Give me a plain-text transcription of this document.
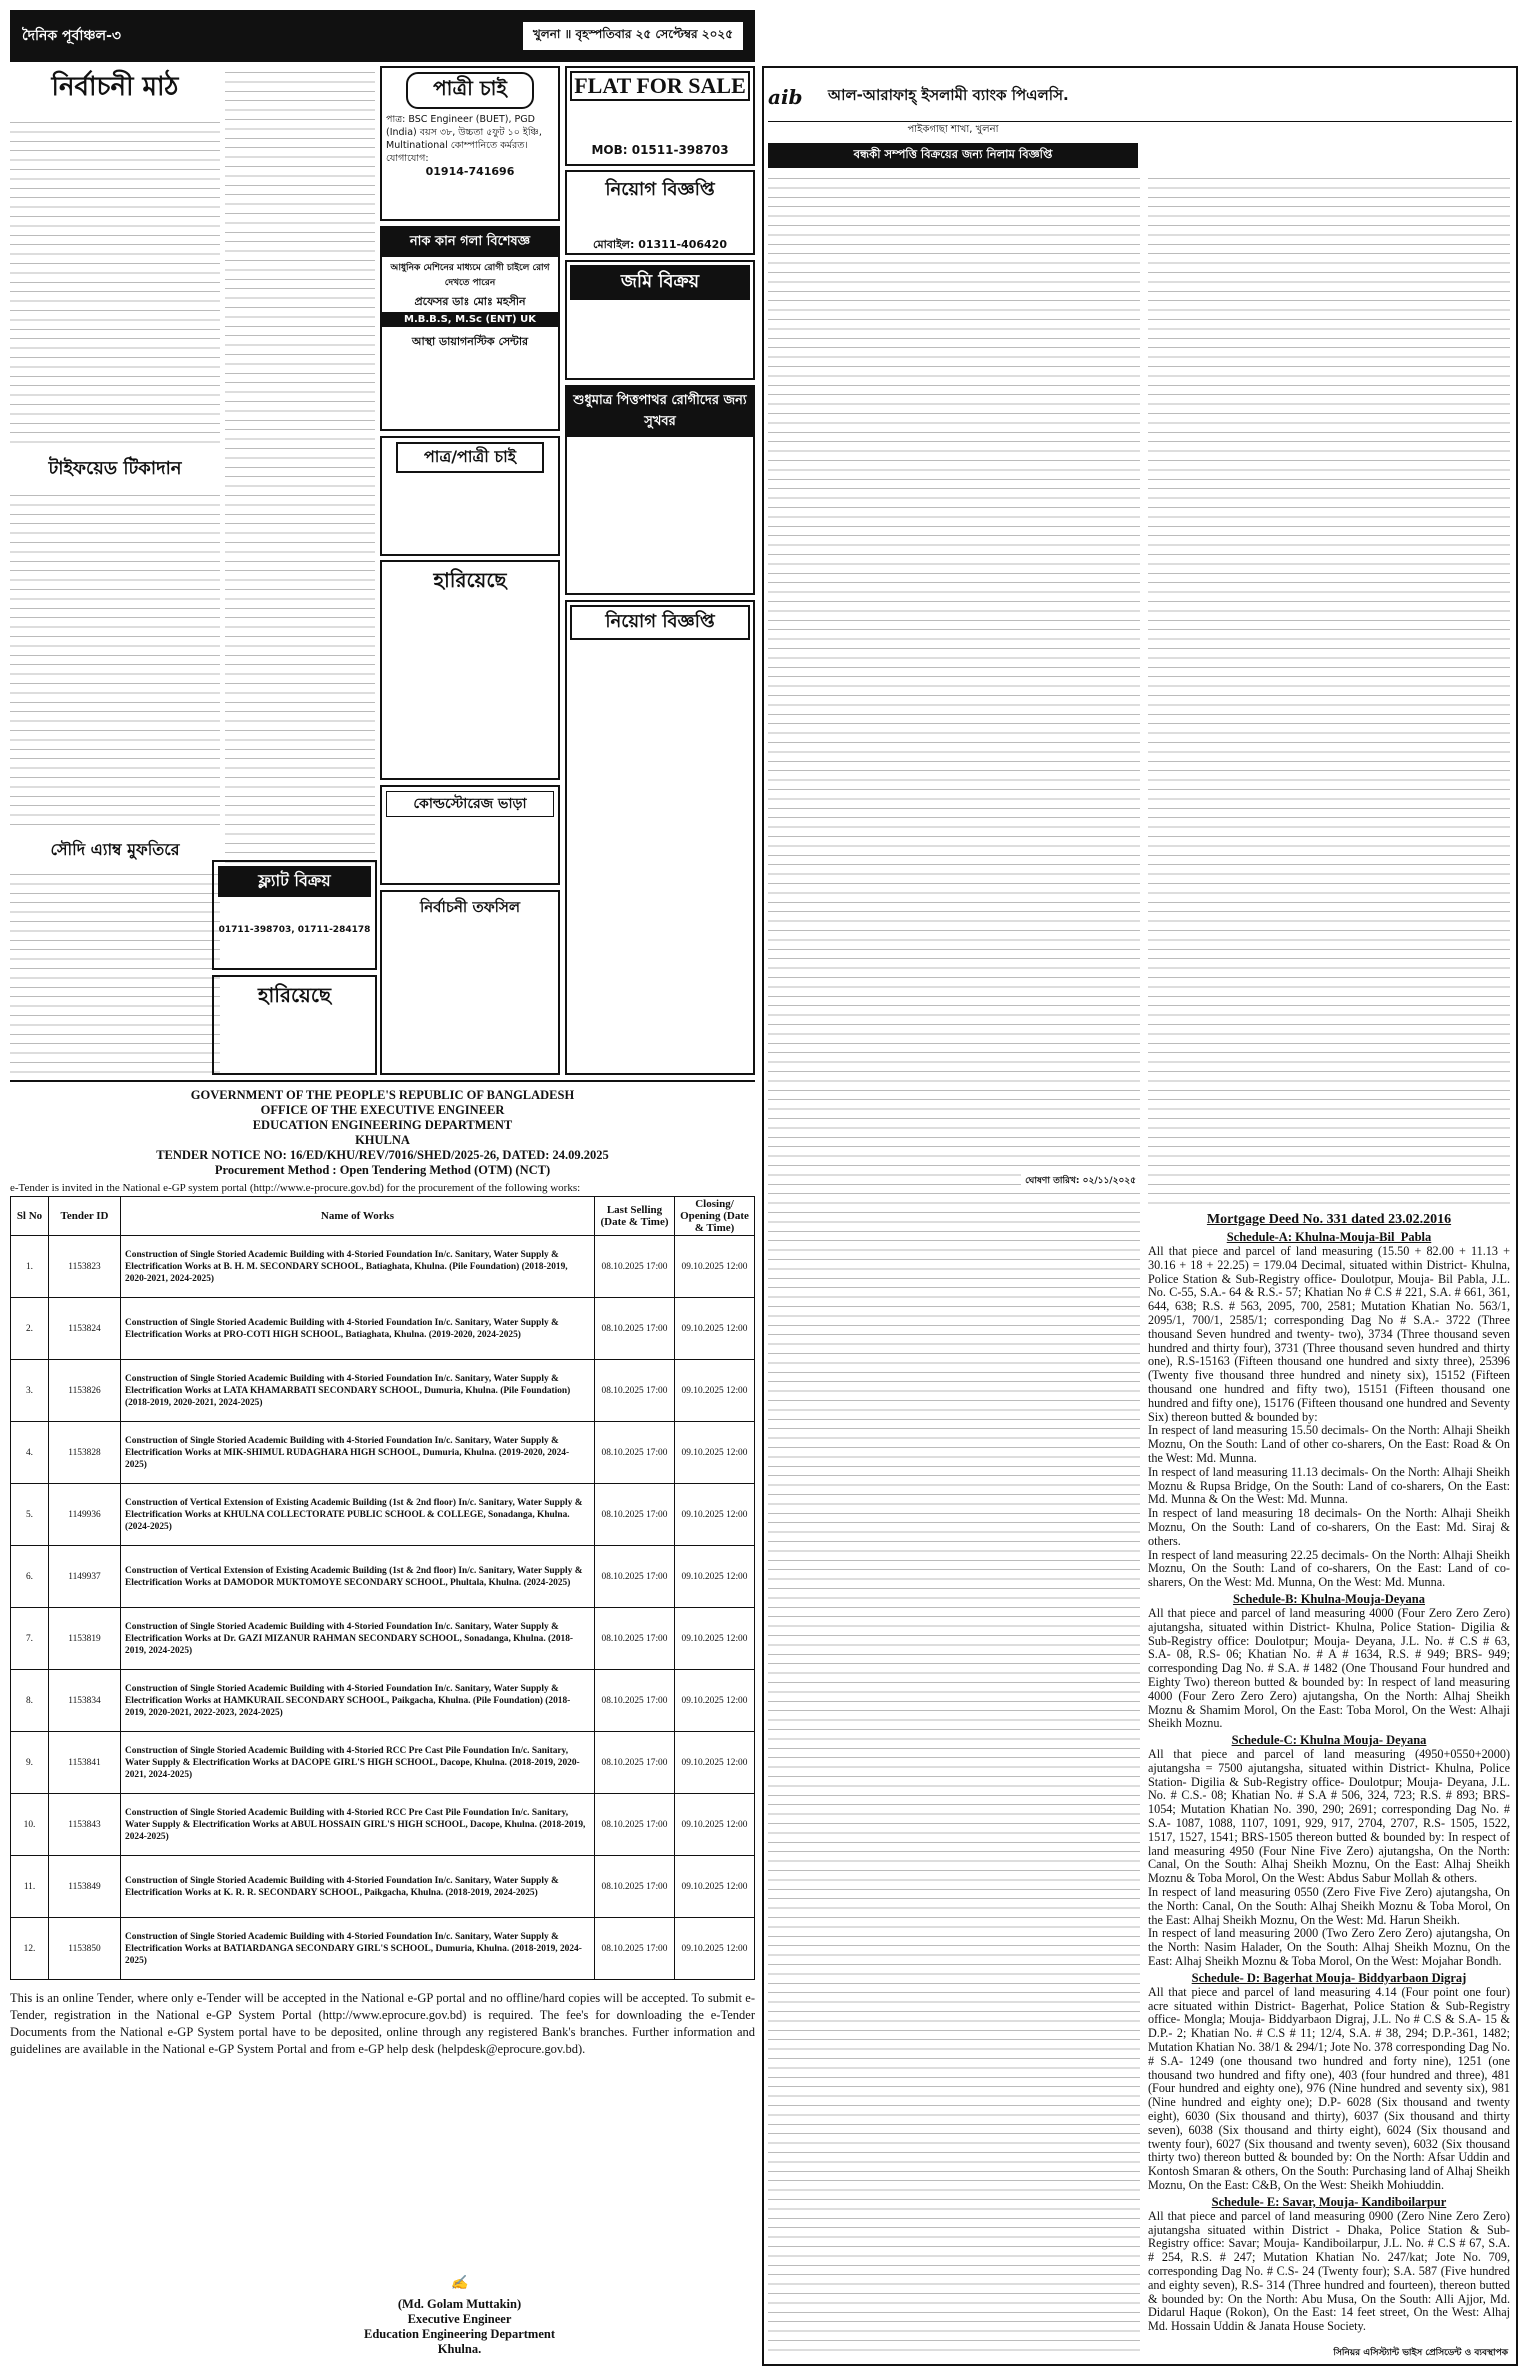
দৈনিক পূর্বাঞ্চল-৩	খুলনা ॥ বৃহস্পতিবার ২৫ সেপ্টেম্বর ২০২৫
নির্বাচনী মাঠ
টাইফয়েড টিকাদান
সৌদি এ্যাম্ব মুফতিরে
ফ্ল্যাট বিক্রয়
01711-398703, 01711-284178
হারিয়েছে
পাত্রী চাই
পাত্র: BSC Engineer (BUET), PGD (India) বয়স ৩৮, উচ্চতা ৫ফুট ১০ ইঞ্চি, Multinational কোম্পানিতে কর্মরত। যোগাযোগ:
01914-741696
নাক কান গলা বিশেষজ্ঞ
আধুনিক মেশিনের মাধ্যমে রোগী চাইলে রোগ দেখতে পারেন
প্রফেসর ডাঃ মোঃ মহসীন
M.B.B.S, M.Sc (ENT) UK
আস্থা ডায়াগনস্টিক সেন্টার
পাত্র/পাত্রী চাই
হারিয়েছে
কোল্ডস্টোরেজ ভাড়া
নির্বাচনী তফসিল
FLAT FOR SALE
MOB: 01511-398703
নিয়োগ বিজ্ঞপ্তি
মোবাইল: 01311-406420
জমি বিক্রয়
শুধুমাত্র পিত্তপাথর রোগীদের জন্য সুখবর
নিয়োগ বিজ্ঞপ্তি
GOVERNMENT OF THE PEOPLE'S REPUBLIC OF BANGLADESH
OFFICE OF THE EXECUTIVE ENGINEER
EDUCATION ENGINEERING DEPARTMENT
KHULNA
TENDER NOTICE NO: 16/ED/KHU/REV/7016/SHED/2025-26, DATED: 24.09.2025
Procurement Method : Open Tendering Method (OTM) (NCT)
e-Tender is invited in the National e-GP system portal (http://www.e-procure.gov.bd) for the procurement of the following works:
Sl No	Tender ID	Name of Works	Last Selling (Date & Time)	Closing/ Opening (Date & Time)
1.	1153823	Construction of Single Storied Academic Building with 4-Storied Foundation In/c. Sanitary, Water Supply & Electrification Works at B. H. M. SECONDARY SCHOOL, Batiaghata, Khulna. (Pile Foundation) (2018-2019, 2020-2021, 2024-2025)	08.10.2025 17:00	09.10.2025 12:00
2.	1153824	Construction of Single Storied Academic Building with 4-Storied Foundation In/c. Sanitary, Water Supply & Electrification Works at PRO-COTI HIGH SCHOOL, Batiaghata, Khulna. (2019-2020, 2024-2025)	08.10.2025 17:00	09.10.2025 12:00
3.	1153826	Construction of Single Storied Academic Building with 4-Storied Foundation In/c. Sanitary, Water Supply & Electrification Works at LATA KHAMARBATI SECONDARY SCHOOL, Dumuria, Khulna. (Pile Foundation) (2018-2019, 2020-2021, 2024-2025)	08.10.2025 17:00	09.10.2025 12:00
4.	1153828	Construction of Single Storied Academic Building with 4-Storied Foundation In/c. Sanitary, Water Supply & Electrification Works at MIK-SHIMUL RUDAGHARA HIGH SCHOOL, Dumuria, Khulna. (2019-2020, 2024-2025)	08.10.2025 17:00	09.10.2025 12:00
5.	1149936	Construction of Vertical Extension of Existing Academic Building (1st & 2nd floor) In/c. Sanitary, Water Supply & Electrification Works at KHULNA COLLECTORATE PUBLIC SCHOOL & COLLEGE, Sonadanga, Khulna. (2024-2025)	08.10.2025 17:00	09.10.2025 12:00
6.	1149937	Construction of Vertical Extension of Existing Academic Building (1st & 2nd floor) In/c. Sanitary, Water Supply & Electrification Works at DAMODOR MUKTOMOYE SECONDARY SCHOOL, Phultala, Khulna. (2024-2025)	08.10.2025 17:00	09.10.2025 12:00
7.	1153819	Construction of Single Storied Academic Building with 4-Storied Foundation In/c. Sanitary, Water Supply & Electrification Works at Dr. GAZI MIZANUR RAHMAN SECONDARY SCHOOL, Sonadanga, Khulna. (2018-2019, 2024-2025)	08.10.2025 17:00	09.10.2025 12:00
8.	1153834	Construction of Single Storied Academic Building with 4-Storied Foundation In/c. Sanitary, Water Supply & Electrification Works at HAMKURAIL SECONDARY SCHOOL, Paikgacha, Khulna. (Pile Foundation) (2018-2019, 2020-2021, 2022-2023, 2024-2025)	08.10.2025 17:00	09.10.2025 12:00
9.	1153841	Construction of Single Storied Academic Building with 4-Storied RCC Pre Cast Pile Foundation In/c. Sanitary, Water Supply & Electrification Works at DACOPE GIRL'S HIGH SCHOOL, Dacope, Khulna. (2018-2019, 2020-2021, 2024-2025)	08.10.2025 17:00	09.10.2025 12:00
10.	1153843	Construction of Single Storied Academic Building with 4-Storied RCC Pre Cast Pile Foundation In/c. Sanitary, Water Supply & Electrification Works at ABUL HOSSAIN GIRL'S HIGH SCHOOL, Dacope, Khulna. (2018-2019, 2024-2025)	08.10.2025 17:00	09.10.2025 12:00
11.	1153849	Construction of Single Storied Academic Building with 4-Storied Foundation In/c. Sanitary, Water Supply & Electrification Works at K. R. R. SECONDARY SCHOOL, Paikgacha, Khulna. (2018-2019, 2024-2025)	08.10.2025 17:00	09.10.2025 12:00
12.	1153850	Construction of Single Storied Academic Building with 4-Storied Foundation In/c. Sanitary, Water Supply & Electrification Works at BATIARDANGA SECONDARY GIRL'S SCHOOL, Dumuria, Khulna. (2018-2019, 2024-2025)	08.10.2025 17:00	09.10.2025 12:00
This is an online Tender, where only e-Tender will be accepted in the National e-GP portal and no offline/hard copies will be accepted. To submit e-Tender, registration in the National e-GP System Portal (http://www.eprocure.gov.bd) is required. The fee's for downloading the e-Tender Documents from the National e-GP System portal have to be deposited, online through any registered Bank's branches. Further information and guidelines are available in the National e-GP System Portal and from e-GP help desk (helpdesk@eprocure.gov.bd).
✍
(Md. Golam Muttakin)
Executive Engineer
Education Engineering Department
Khulna.
aib	আল-আরাফাহ্ ইসলামী ব্যাংক পিএলসি.
পাইকগাছা শাখা, খুলনা
বন্ধকী সম্পত্তি বিক্রয়ের জন্য নিলাম বিজ্ঞপ্তি
ঘোষণা তারিখ: ০২/১১/২০২৫
Mortgage Deed No. 331 dated 23.02.2016
Schedule-A: Khulna-Mouja-Bil_Pabla
All that piece and parcel of land measuring (15.50 + 82.00 + 11.13 + 30.16 + 18 + 22.25) = 179.04 Decimal, situated within District- Khulna, Police Station & Sub-Registry office- Doulotpur, Mouja- Bil Pabla, J.L. No. C-55, S.A.- 64 & R.S.- 57; Khatian No # C.S # 221, S.A. # 661, 361, 644, 638; R.S. # 563, 2095, 700, 2581; Mutation Khatian No. 563/1, 2095/1, 700/1, 2585/1; corresponding Dag No # S.A.- 3722 (Three thousand Seven hundred and twenty- two), 3734 (Three thousand seven hundred and thirty four), 3731 (Three thousand seven hundred and thirty one), R.S-15163 (Fifteen thousand one hundred and sixty three), 25396 (Twenty five thousand three hundred and ninety six), 15152 (Fifteen thousand one hundred and fifty two), 15151 (Fifteen thousand one hundred and fifty one), 15176 (Fifteen thousand one hundred and Seventy Six) thereon butted & bounded by:
In respect of land measuring 15.50 decimals- On the North: Alhaji Sheikh Moznu, On the South: Land of other co-sharers, On the East: Road & On the West: Md. Munna.
In respect of land measuring 11.13 decimals- On the North: Alhaji Sheikh Moznu & Rupsa Bridge, On the South: Land of co-sharers, On the East: Md. Munna & On the West: Md. Munna.
In respect of land measuring 18 decimals- On the North: Alhaji Sheikh Moznu, On the South: Land of co-sharers, On the East: Md. Siraj & others.
In respect of land measuring 22.25 decimals- On the North: Alhaji Sheikh Moznu, On the South: Land of co-sharers, On the East: Land of co-sharers, On the West: Md. Munna, On the West: Md. Munna.
Schedule-B: Khulna-Mouja-Deyana
All that piece and parcel of land measuring 4000 (Four Zero Zero Zero) ajutangsha, situated within District- Khulna, Police Station- Digilia & Sub-Registry office: Doulotpur; Mouja- Deyana, J.L. No. # C.S # 63, S.A- 08, R.S- 06; Khatian No. # A # 1634, R.S. # 949; BRS- 949; corresponding Dag No. # S.A. # 1482 (One Thousand Four hundred and Eighty Two) thereon butted & bounded by: In respect of land measuring 4000 (Four Zero Zero Zero) ajutangsha, On the North: Alhaj Sheikh Moznu & Shamim Morol, On the East: Toba Morol, On the West: Alhaji Sheikh Moznu.
Schedule-C: Khulna Mouja- Deyana
All that piece and parcel of land measuring (4950+0550+2000) ajutangsha = 7500 ajutangsha, situated within District- Khulna, Police Station- Digilia & Sub-Registry office- Doulotpur; Mouja- Deyana, J.L. No. # C.S.- 08; Khatian No. # S.A # 506, 324, 723; R.S. # 893; BRS-1054; Mutation Khatian No. 390, 290; 2691; corresponding Dag No. # S.A- 1087, 1088, 1107, 1091, 929, 917, 2704, 2707, R.S- 1505, 1522, 1517, 1527, 1541; BRS-1505 thereon butted & bounded by: In respect of land measuring 4950 (Four Nine Five Zero) ajutangsha, On the North: Canal, On the South: Alhaj Sheikh Moznu, On the East: Alhaj Sheikh Moznu & Toba Morol, On the West: Abdus Sabur Mollah & others.
In respect of land measuring 0550 (Zero Five Five Zero) ajutangsha, On the North: Canal, On the South: Alhaj Sheikh Moznu & Toba Morol, On the East: Alhaj Sheikh Moznu, On the West: Md. Harun Sheikh.
In respect of land measuring 2000 (Two Zero Zero Zero) ajutangsha, On the North: Nasim Halader, On the South: Alhaj Sheikh Moznu, On the East: Alhaj Sheikh Moznu & Toba Morol, On the West: Mojahar Bondh.
Schedule- D: Bagerhat Mouja- Biddyarbaon Digraj
All that piece and parcel of land measuring 4.14 (Four point one four) acre situated within District- Bagerhat, Police Station & Sub-Registry office- Mongla; Mouja- Biddyarbaon Digraj, J.L. No # C.S & S.A- 15 & D.P.- 2; Khatian No. # C.S # 11; 12/4, S.A. # 38, 294; D.P.-361, 1482; Mutation Khatian No. 38/1 & 294/1; Jote No. 378 corresponding Dag No. # S.A- 1249 (one thousand two hundred and forty nine), 1251 (one thousand two hundred and fifty one), 403 (four hundred and three), 481 (Four hundred and eighty one), 976 (Nine hundred and seventy six), 981 (Nine hundred and eighty one); D.P- 6028 (Six thousand and twenty eight), 6030 (Six thousand and thirty), 6037 (Six thousand and thirty seven), 6038 (Six thousand and thirty eight), 6024 (Six thousand and twenty four), 6027 (Six thousand and twenty seven), 6032 (Six thousand thirty two) thereon butted & bounded by: On the North: Afsar Uddin and Kontosh Smaran & others, On the South: Purchasing land of Alhaj Sheikh Moznu, On the East: C&B, On the West: Sheikh Mohiuddin.
Schedule- E: Savar, Mouja- Kandiboilarpur
All that piece and parcel of land measuring 0900 (Zero Nine Zero Zero) ajutangsha situated within District - Dhaka, Police Station & Sub-Registry office: Savar; Mouja- Kandiboilarpur, J.L. No. # C.S # 67, S.A. # 254, R.S. # 247; Mutation Khatian No. 247/kat; Jote No. 709, corresponding Dag No. # C.S- 24 (Twenty four); S.A. 587 (Five hundred and eighty seven), R.S- 314 (Three hundred and fourteen), thereon butted & bounded by: On the North: Abu Musa, On the South: Alli Ajjor, Md. Didarul Haque (Rokon), On the East: 14 feet street, On the West: Alhaj Md. Hossain Uddin & Janata House Society.
সিনিয়র এসিস্ট্যান্ট ভাইস প্রেসিডেন্ট ও ব্যবস্থাপক
